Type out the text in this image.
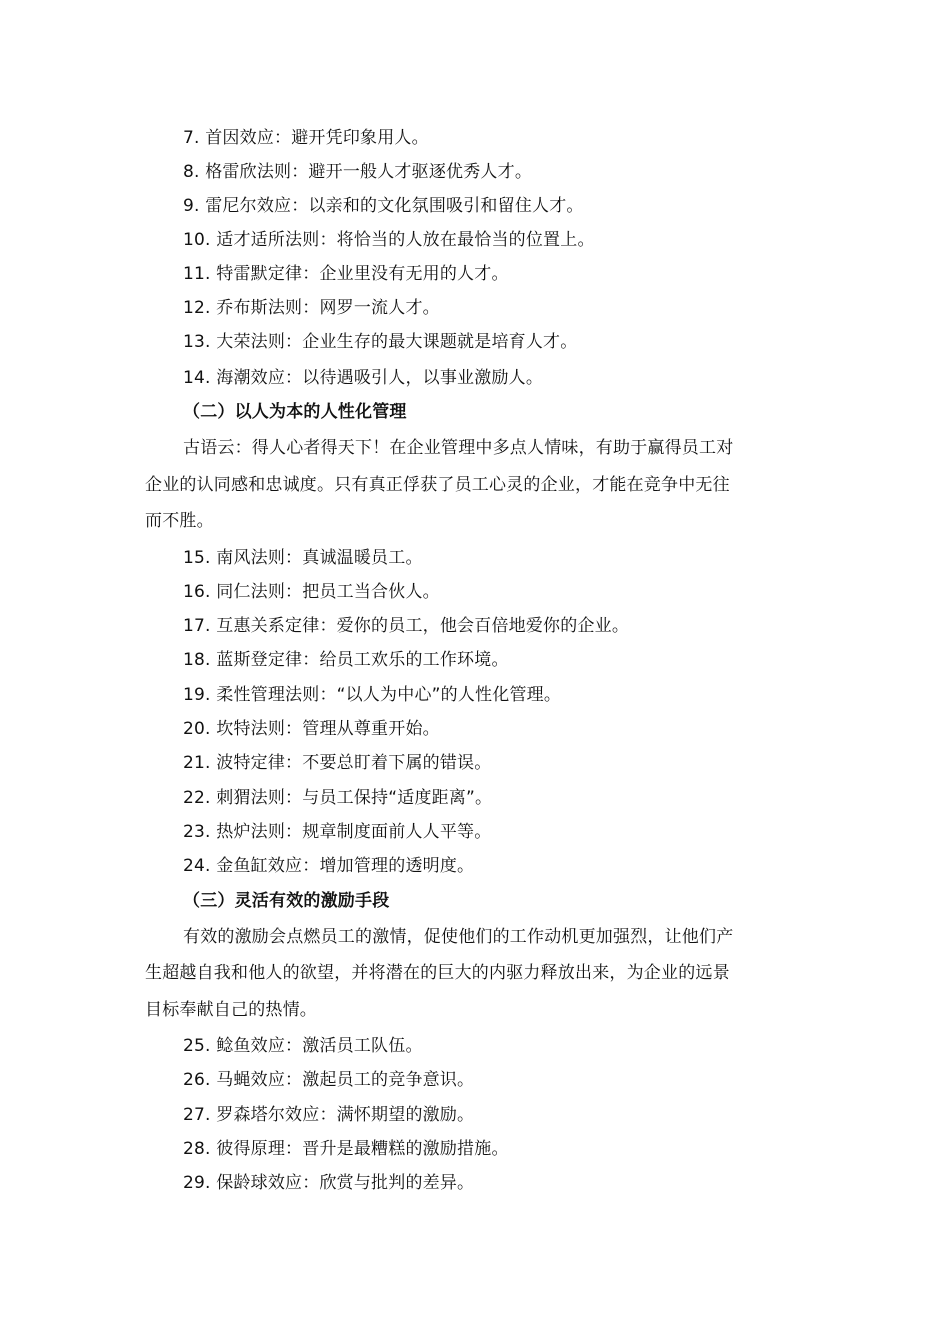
7. 首因效应：避开凭印象用人。
8. 格雷欣法则：避开一般人才驱逐优秀人才。
9. 雷尼尔效应：以亲和的文化氛围吸引和留住人才。
10. 适才适所法则：将恰当的人放在最恰当的位置上。
11. 特雷默定律：企业里没有无用的人才。
12. 乔布斯法则：网罗一流人才。
13. 大荣法则：企业生存的最大课题就是培育人才。
14. 海潮效应：以待遇吸引人，以事业激励人。
（二）以人为本的人性化管理
古语云：得人心者得天下！在企业管理中多点人情味，有助于赢得员工对
企业的认同感和忠诚度。只有真正俘获了员工心灵的企业，才能在竞争中无往
而不胜。
15. 南风法则：真诚温暖员工。
16. 同仁法则：把员工当合伙人。
17. 互惠关系定律：爱你的员工，他会百倍地爱你的企业。
18. 蓝斯登定律：给员工欢乐的工作环境。
19. 柔性管理法则：“以人为中心”的人性化管理。
20. 坎特法则：管理从尊重开始。
21. 波特定律：不要总盯着下属的错误。
22. 刺猬法则：与员工保持“适度距离”。
23. 热炉法则：规章制度面前人人平等。
24. 金鱼缸效应：增加管理的透明度。
（三）灵活有效的激励手段
有效的激励会点燃员工的激情，促使他们的工作动机更加强烈，让他们产
生超越自我和他人的欲望，并将潜在的巨大的内驱力释放出来，为企业的远景
目标奉献自己的热情。
25. 鲶鱼效应：激活员工队伍。
26. 马蝇效应：激起员工的竞争意识。
27. 罗森塔尔效应：满怀期望的激励。
28. 彼得原理：晋升是最糟糕的激励措施。
29. 保龄球效应：欣赏与批判的差异。
